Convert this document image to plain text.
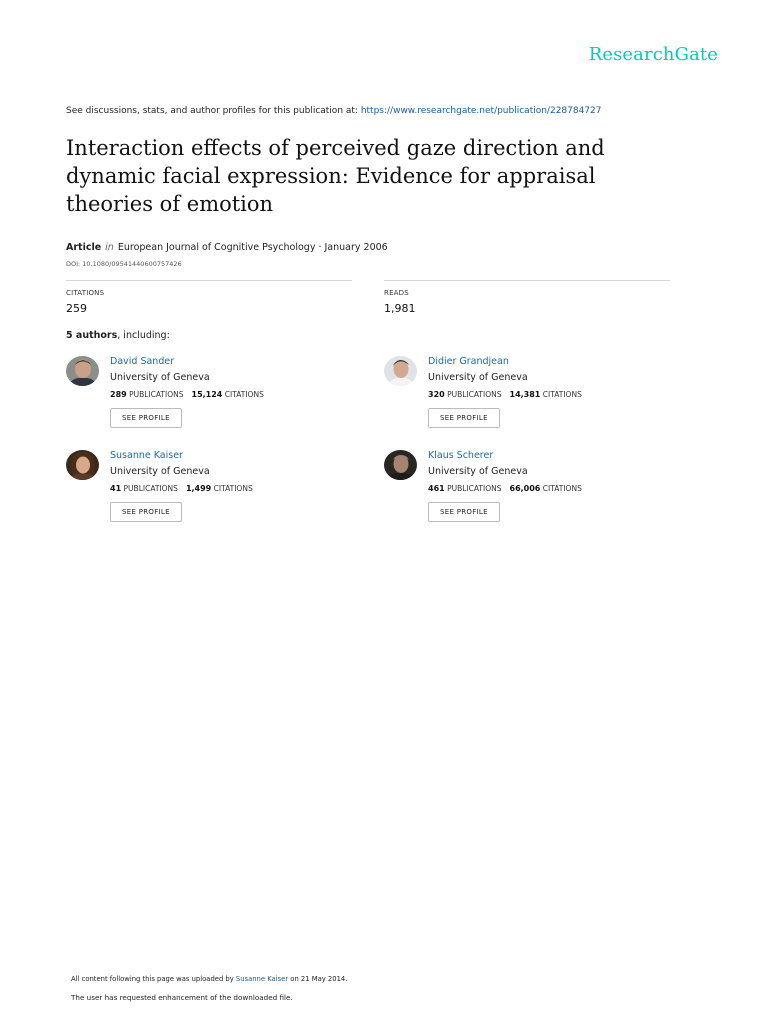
ResearchGate
See discussions, stats, and author profiles for this publication at: https://www.researchgate.net/publication/228784727
Interaction effects of perceived gaze direction and dynamic facial expression: Evidence for appraisal theories of emotion
Article in European Journal of Cognitive Psychology · January 2006
DOI: 10.1080/09541440600757426
CITATIONS
259
READS
1,981
5 authors, including:
David Sander
University of Geneva
289 PUBLICATIONS 15,124 CITATIONS
SEE PROFILE
Didier Grandjean
University of Geneva
320 PUBLICATIONS 14,381 CITATIONS
SEE PROFILE
Susanne Kaiser
University of Geneva
41 PUBLICATIONS 1,499 CITATIONS
SEE PROFILE
Klaus Scherer
University of Geneva
461 PUBLICATIONS 66,006 CITATIONS
SEE PROFILE
All content following this page was uploaded by Susanne Kaiser on 21 May 2014.
The user has requested enhancement of the downloaded file.
